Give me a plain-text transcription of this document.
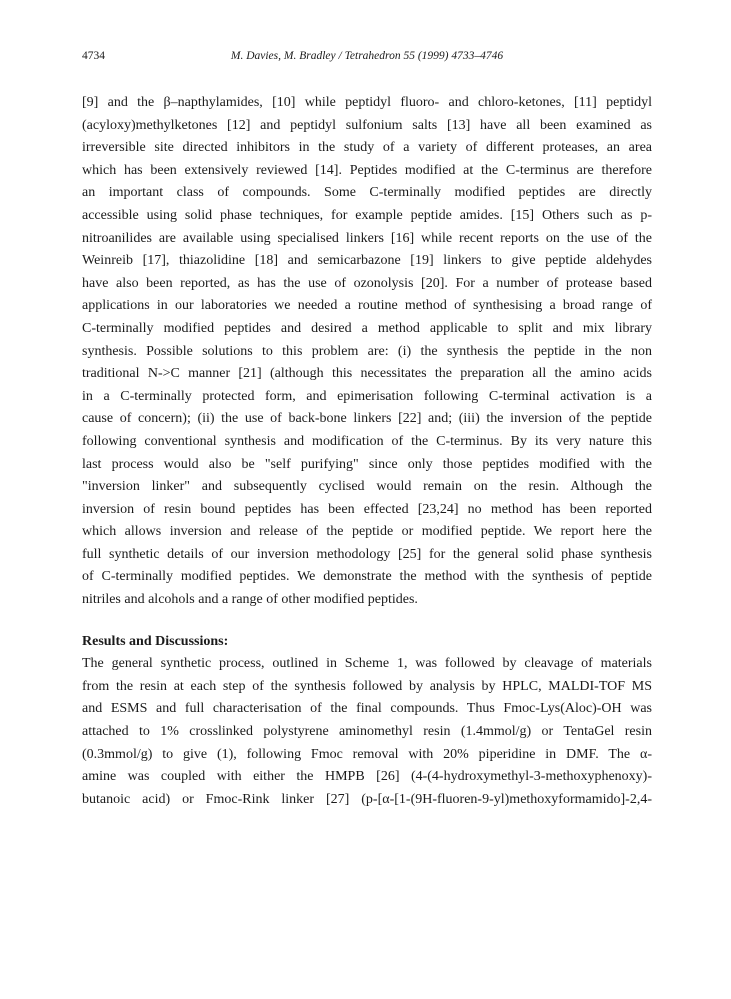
4734	M. Davies, M. Bradley / Tetrahedron 55 (1999) 4733–4746
[9] and the β–napthylamides, [10] while peptidyl fluoro- and chloro-ketones, [11] peptidyl
(acyloxy)methylketones [12] and peptidyl sulfonium salts [13] have all been examined as
irreversible site directed inhibitors in the study of a variety of different proteases, an area
which has been extensively reviewed [14]. Peptides modified at the C-terminus are therefore
an important class of compounds. Some C-terminally modified peptides are directly
accessible using solid phase techniques, for example peptide amides. [15] Others such as p-
nitroanilides are available using specialised linkers [16] while recent reports on the use of the
Weinreib [17], thiazolidine [18] and semicarbazone [19] linkers to give peptide aldehydes
have also been reported, as has the use of ozonolysis [20]. For a number of protease based
applications in our laboratories we needed a routine method of synthesising a broad range of
C-terminally modified peptides and desired a method applicable to split and mix library
synthesis. Possible solutions to this problem are: (i) the synthesis the peptide in the non
traditional N->C manner [21] (although this necessitates the preparation all the amino acids
in a C-terminally protected form, and epimerisation following C-terminal activation is a
cause of concern); (ii) the use of back-bone linkers [22] and; (iii) the inversion of the peptide
following conventional synthesis and modification of the C-terminus. By its very nature this
last process would also be "self purifying" since only those peptides modified with the
"inversion linker" and subsequently cyclised would remain on the resin. Although the
inversion of resin bound peptides has been effected [23,24] no method has been reported
which allows inversion and release of the peptide or modified peptide. We report here the
full synthetic details of our inversion methodology [25] for the general solid phase synthesis
of C-terminally modified peptides. We demonstrate the method with the synthesis of peptide
nitriles and alcohols and a range of other modified peptides.
Results and Discussions:
The general synthetic process, outlined in Scheme 1, was followed by cleavage of materials
from the resin at each step of the synthesis followed by analysis by HPLC, MALDI-TOF MS
and ESMS and full characterisation of the final compounds. Thus Fmoc-Lys(Aloc)-OH was
attached to 1% crosslinked polystyrene aminomethyl resin (1.4mmol/g) or TentaGel resin
(0.3mmol/g) to give (1), following Fmoc removal with 20% piperidine in DMF. The α-
amine was coupled with either the HMPB [26] (4-(4-hydroxymethyl-3-methoxyphenoxy)-
butanoic acid) or Fmoc-Rink linker [27] (p-[α-[1-(9H-fluoren-9-yl)methoxyformamido]-2,4-
